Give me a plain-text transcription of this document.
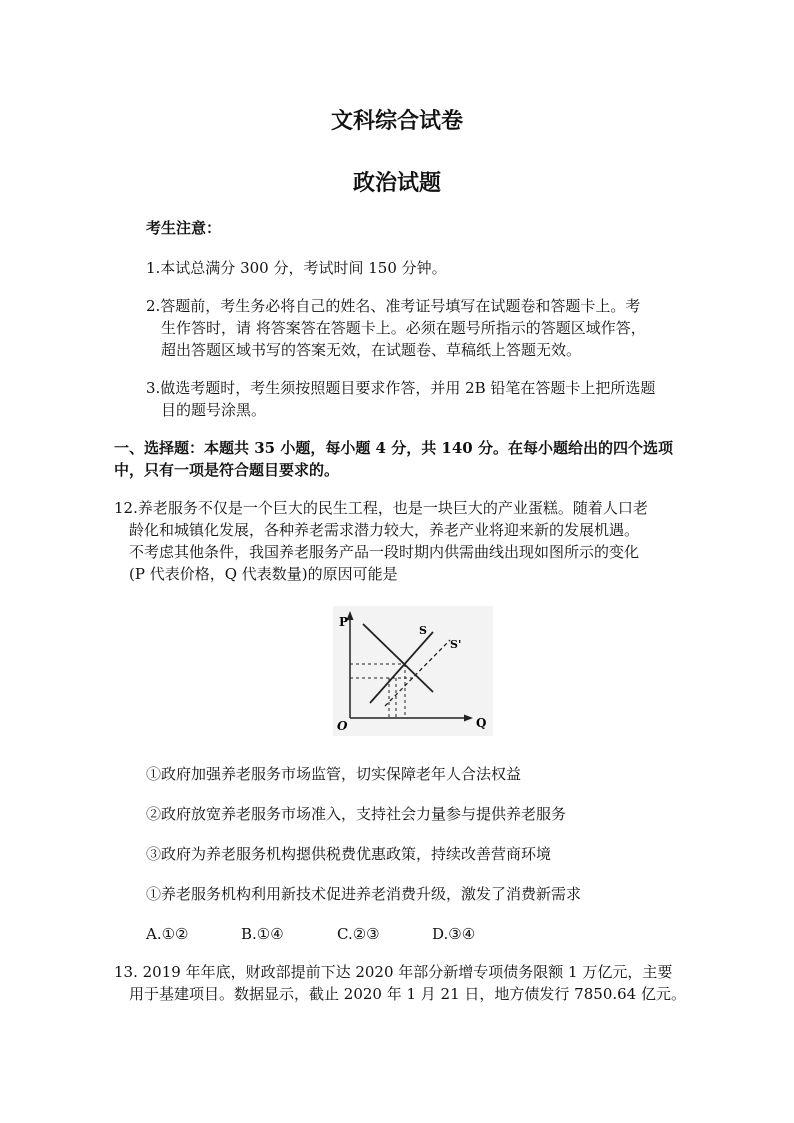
文科综合试卷
政治试题
考生注意：
1.本试总满分 300 分，考试时间 150 分钟。
2.答题前，考生务必将自己的姓名、准考证号填写在试题卷和答题卡上。考
生作答时，请 将答案答在答题卡上。必须在题号所指示的答题区域作答，
超出答题区域书写的答案无效，在试题卷、草稿纸上答题无效。
3.做选考题时，考生须按照题目要求作答，并用 2B 铅笔在答题卡上把所选题
目的题号涂黑。
一、选择题：本题共 35 小题，每小题 4 分，共 140 分。在每小题给出的四个选项
中，只有一项是符合题目要求的。
12.养老服务不仅是一个巨大的民生工程，也是一块巨大的产业蛋糕。随着人口老
龄化和城镇化发展，各种养老需求潜力较大，养老产业将迎来新的发展机遇。
不考虑其他条件，我国养老服务产品一段时期内供需曲线出现如图所示的变化
(P 代表价格，Q 代表数量)的原因可能是
P
Q
O
S
S'
①政府加强养老服务市场监管，切实保障老年人合法权益
②政府放宽养老服务市场准入，支持社会力量参与提供养老服务
③政府为养老服务机构摁供税费优惠政策，持续改善营商环境
①养老服务机构利用新技术促进养老消费升级，激发了消费新需求
A.①②	B.①④	C.②③	D.③④
13. 2019 年年底，财政部提前下达 2020 年部分新增专项债务限额 1 万亿元，主要
用于基建项目。数据显示，截止 2020 年 1 月 21 日，地方债发行 7850.64 亿元。
